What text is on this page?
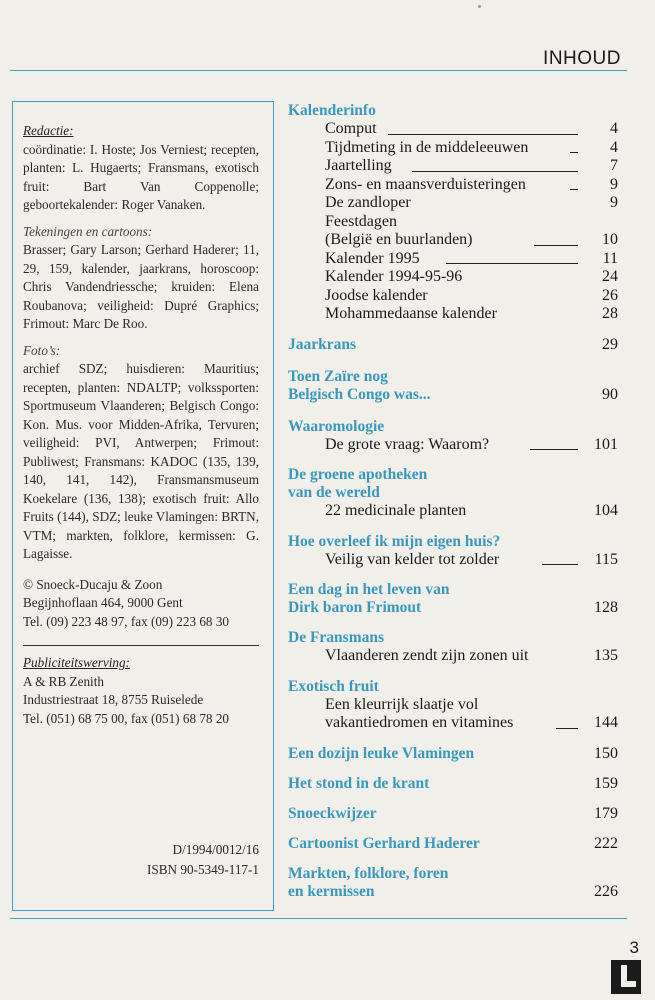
INHOUD
Redactie:
coördinatie: I. Hoste; Jos Verniest; recepten, planten: L. Hugaerts; Fransmans, exotisch fruit: Bart Van Coppenolle; geboortekalender: Roger Vanaken.
Tekeningen en cartoons:
Brasser; Gary Larson; Gerhard Haderer; 11, 29, 159, kalender, jaarkrans, horoscoop: Chris Vandendriessche; kruiden: Elena Roubanova; veiligheid: Dupré Graphics; Frimout: Marc De Roo.
Foto’s:
archief SDZ; huisdieren: Mauritius; recepten, planten: NDALTP; volkssporten: Sportmuseum Vlaanderen; Belgisch Congo: Kon. Mus. voor Midden-Afrika, Tervuren; veiligheid: PVI, Antwerpen; Frimout: Publiwest; Fransmans: KADOC (135, 139, 140, 141, 142), Fransmansmuseum Koekelare (136, 138); exotisch fruit: Allo Fruits (144), SDZ; leuke Vlamingen: BRTN, VTM; markten, folklore, kermissen: G. Lagaisse.
© Snoeck-Ducaju & Zoon
Begijnhoflaan 464, 9000 Gent
Tel. (09) 223 48 97, fax (09) 223 68 30
Publiciteitswerving:
A & RB Zenith
Industriestraat 18, 8755 Ruiselede
Tel. (051) 68 75 00, fax (051) 68 78 20
D/1994/0012/16
ISBN 90-5349-117-1
Kalenderinfo
Comput	4
Tijdmeting in de middeleeuwen	4
Jaartelling	7
Zons- en maansverduisteringen	9
De zandloper	9
Feestdagen
(België en buurlanden)	10
Kalender 1995	11
Kalender 1994-95-96	24
Joodse kalender	26
Mohammedaanse kalender	28
Jaarkrans	29
Toen Zaïre nog
Belgisch Congo was...	90
Waaromologie
De grote vraag: Waarom?	101
De groene apotheken
van de wereld
22 medicinale planten	104
Hoe overleef ik mijn eigen huis?
Veilig van kelder tot zolder	115
Een dag in het leven van
Dirk baron Frimout	128
De Fransmans
Vlaanderen zendt zijn zonen uit	135
Exotisch fruit
Een kleurrijk slaatje vol
vakantiedromen en vitamines	144
Een dozijn leuke Vlamingen	150
Het stond in de krant	159
Snoeckwijzer	179
Cartoonist Gerhard Haderer	222
Markten, folklore, foren
en kermissen	226
3
